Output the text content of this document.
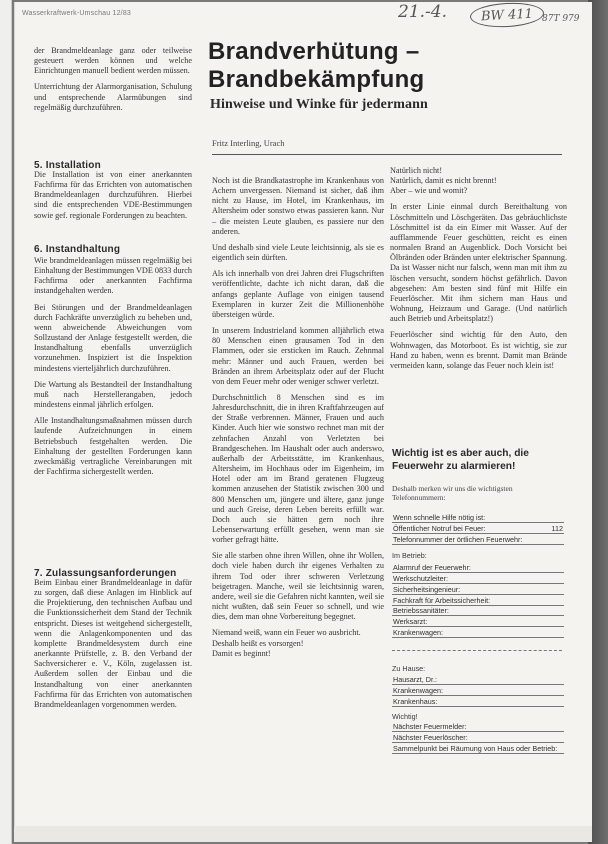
Wasserkraftwerk-Umschau 12/83	21.-4.	BW 411 87T 979

der Brandmeldeanlage ganz oder teilweise gesteuert werden können und welche Einrichtungen manuell bedient werden müssen.

Unterrichtung der Alarmorganisation, Schulung und entsprechende Alarmübungen sind regelmäßig durchzuführen.

5. Installation

Die Installation ist von einer anerkannten Fachfirma für das Errichten von automatischen Brandmeldeanlagen durchzuführen. Hierbei sind die entsprechenden VDE-Bestimmungen sowie gef. regionale Forderungen zu beachten.

6. Instandhaltung

Wie brandmeldeanlagen müssen regelmäßig bei Einhaltung der Bestimmungen VDE 0833 durch Fachfirma oder anerkannten Fachfirma instandgehalten werden.

Bei Störungen und der Brandmeldeanlagen durch Fachkräfte unverzüglich zu beheben und, wenn abweichende Abweichungen vom Sollzustand der Anlage festgestellt werden, die Instandhaltung ebenfalls unverzüglich vorzunehmen. Inspiziert ist die Inspektion mindestens vierteljährlich durchzuführen.

Die Wartung als Bestandteil der Instandhaltung muß nach Herstellerangaben, jedoch mindestens einmal jährlich erfolgen.

Alle Instandhaltungsmaßnahmen müssen durch laufende Aufzeichnungen in einem Betriebsbuch festgehalten werden. Die Einhaltung der gestellten Forderungen kann zweckmäßig vertragliche Vereinbarungen mit der Fachfirma sichergestellt werden.

7. Zulassungsanforderungen

Beim Einbau einer Brandmeldeanlage in dafür zu sorgen, daß diese Anlagen im Hinblick auf die Projektierung, den technischen Aufbau und die Funktionssicherheit dem Stand der Technik entspricht. Dieses ist weitgehend sichergestellt, wenn die Anlagenkomponenten und das komplette Brandmeldesystem durch eine anerkannte Prüfstelle, z. B. den Verband der Sachversicherer e. V., Köln, zugelassen ist. Außerdem sollen der Einbau und die Instandhaltung von einer anerkannten Fachfirma für das Errichten von automatischen Brandmeldeanlagen vorgenommen werden.

Brandverhütung –
Brandbekämpfung
Hinweise und Winke für jedermann
Fritz Interling, Urach

Noch ist die Brandkatastrophe im Krankenhaus von Achern unvergessen. Niemand ist sicher, daß ihm nicht zu Hause, im Hotel, im Krankenhaus, im Altersheim oder sonstwo etwas passieren kann. Nur – die meisten Leute glauben, es passiere nur den anderen.

Und deshalb sind viele Leute leichtsinnig, als sie es eigentlich sein dürften.

Als ich innerhalb von drei Jahren drei Flugschriften veröffentlichte, dachte ich nicht daran, daß die anfangs geplante Auflage von einigen tausend Exemplaren in kurzer Zeit die Millionenhöhe übersteigen würde.

In unserem Industrieland kommen alljährlich etwa 80 Menschen einen grausamen Tod in den Flammen, oder sie ersticken im Rauch. Zehnmal mehr: Männer und auch Frauen, werden bei Bränden an ihrem Arbeitsplatz oder auf der Flucht von dem Feuer mehr oder weniger schwer verletzt.

Durchschnittlich 8 Menschen sind es im Jahresdurchschnitt, die in ihren Kraftfahrzeugen auf der Straße verbrennen. Männer, Frauen und auch Kinder. Auch hier wie sonstwo rechnet man mit der zehnfachen Anzahl von Verletzten bei Brandgeschehen. Im Haushalt oder auch anderswo, außerhalb der Arbeitsstätte, im Krankenhaus, Altersheim, im Hochhaus oder im Eigenheim, im Hotel oder am im Brand geratenen Flugzeug kommen anzusehen der Statistik zwischen 300 und 800 Menschen um, jüngere und ältere, ganz junge und auch Greise, deren Leben bereits erfüllt war. Doch auch sie hätten gern noch ihre Lebenserwartung erfüllt gesehen, wenn man sie vorher gefragt hätte.

Sie alle starben ohne ihren Willen, ohne ihr Wollen, doch viele haben durch ihr eigenes Verhalten zu ihrem Tod oder ihrer schweren Verletzung beigetragen. Manche, weil sie leichtsinnig waren, andere, weil sie die Gefahren nicht kannten, weil sie nicht wußten, daß sein Feuer so schnell, und wie dies, dem man ohne Vorbereitung begegnet.

Niemand weiß, wann ein Feuer wo ausbricht.

Deshalb heißt es vorsorgen!

Damit es beginnt!

Natürlich nicht!
Natürlich, damit es nicht brennt!
Aber – wie und womit?

In erster Linie einmal durch Bereithaltung von Löschmitteln und Löschgeräten. Das gebräuchlichste Löschmittel ist da ein Eimer mit Wasser. Auf der aufflammende Feuer geschütten, reicht es einen normalen Brand an Augenblick. Doch Vorsicht bei Ölbränden oder Bränden unter elektrischer Spannung. Da ist Wasser nicht nur falsch, wenn man mit ihm zu löschen versucht, sondern höchst gefährlich. Davon abgesehen: Am besten sind fünf mit Hilfe ein Feuerlöscher. Mit ihm sichern man Haus und Wohnung, Heizraum und Garage. (Und natürlich auch Betrieb und Arbeitsplatz!)

Feuerlöscher sind wichtig für den Auto, den Wohnwagen, das Motorboot. Es ist wichtig, sie zur Hand zu haben, wenn es brennt. Damit man Brände vermeiden kann, solange das Feuer noch klein ist!

Wichtig ist es aber auch, die Feuerwehr zu alarmieren!
Deshalb merken wir uns die wichtigsten Telefonnummern:
Wenn schnelle Hilfe nötig ist:	
Öffentlicher Notruf bei Feuer:	112
Telefonnummer der örtlichen Feuerwehr:	
Im Betrieb:
Alarmruf der Feuerwehr:
Werkschutzleiter:
Sicherheitsingenieur:
Fachkraft für Arbeitssicherheit:
Betriebssanitäter:
Werksarzt:
Krankenwagen:
Zu Hause:
Hausarzt, Dr.:
Krankenwagen:
Krankenhaus:
Wichtig!
Nächster Feuermelder:
Nächster Feuerlöscher:
Sammelpunkt bei Räumung von Haus oder Betrieb:
